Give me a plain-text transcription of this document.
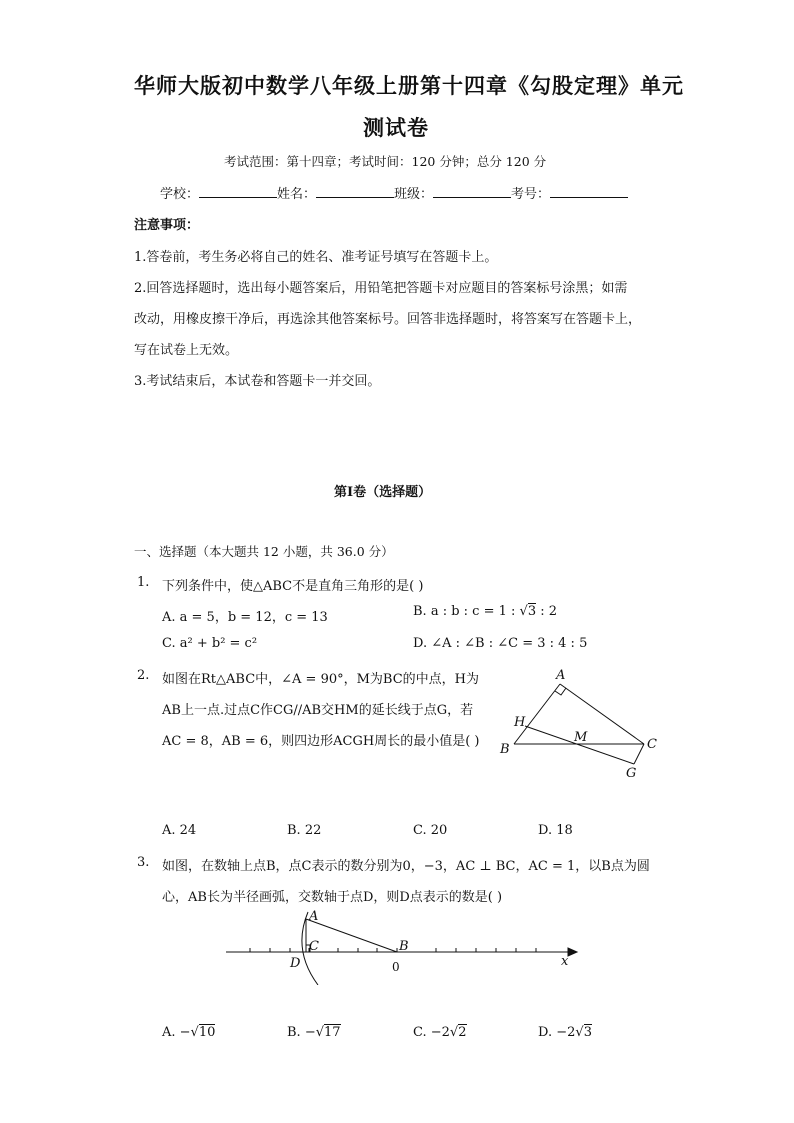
华师大版初中数学八年级上册第十四章《勾股定理》单元
测试卷
考试范围：第十四章；考试时间：120 分钟；总分 120 分
学校：	姓名：	班级：	考号：
注意事项：
1.答卷前，考生务必将自己的姓名、准考证号填写在答题卡上。
2.回答选择题时，选出每小题答案后，用铅笔把答题卡对应题目的答案标号涂黑；如需
改动，用橡皮擦干净后，再选涂其他答案标号。回答非选择题时，将答案写在答题卡上，
写在试卷上无效。
3.考试结束后，本试卷和答题卡一并交回。
第Ⅰ卷（选择题）
一、选择题（本大题共 12 小题，共 36.0 分）
1. 下列条件中，使△ABC不是直角三角形的是( )
A. a = 5，b = 12，c = 13	B. a : b : c = 1 : √3 : 2
C. a² + b² = c²	D. ∠A : ∠B : ∠C = 3 : 4 : 5
2. 如图在Rt△ABC中，∠A = 90°，M为BC的中点，H为
AB上一点.过点C作CG//AB交HM的延长线于点G，若
AC = 8，AB = 6，则四边形ACGH周长的最小值是( )
A
B	C
H
M
G
A. 24	B. 22	C. 20	D. 18
3. 如图，在数轴上点B，点C表示的数分别为0，−3，AC ⊥ BC，AC = 1，以B点为圆
心，AB长为半径画弧，交数轴于点D，则D点表示的数是( )
A
C	B
D	x
0
A. −√10	B. −√17	C. −2√2	D. −2√3
